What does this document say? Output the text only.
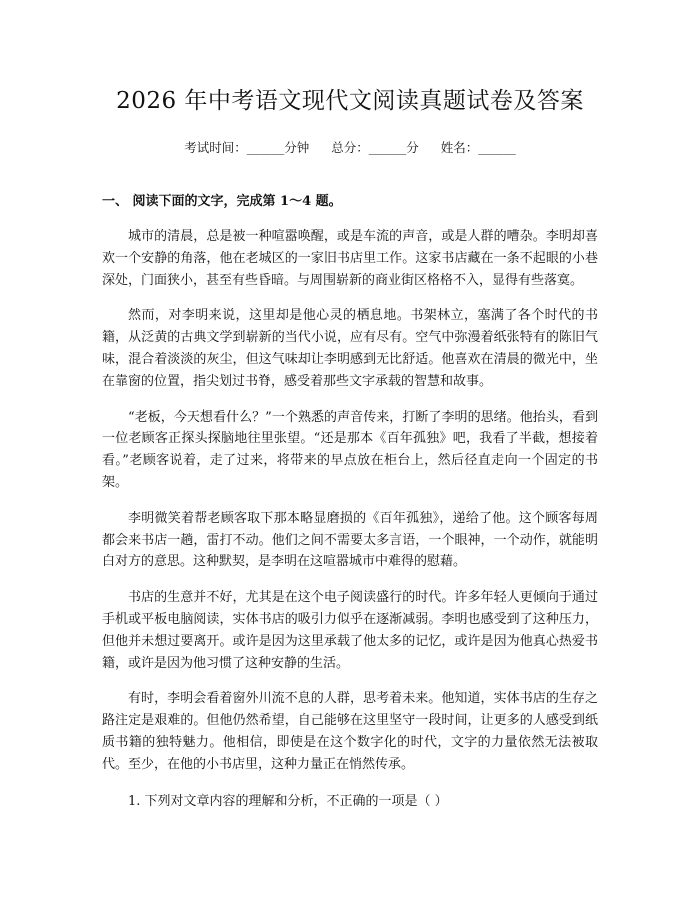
2026 年中考语文现代文阅读真题试卷及答案
考试时间：______分钟 总分：______分 姓名：______
一、 阅读下面的文字，完成第 1～4 题。

城市的清晨，总是被一种喧嚣唤醒，或是车流的声音，或是人群的嘈杂。李明却喜欢一个安静的角落，他在老城区的一家旧书店里工作。这家书店藏在一条不起眼的小巷深处，门面狭小，甚至有些昏暗。与周围崭新的商业街区格格不入，显得有些落寞。

然而，对李明来说，这里却是他心灵的栖息地。书架林立，塞满了各个时代的书籍，从泛黄的古典文学到崭新的当代小说，应有尽有。空气中弥漫着纸张特有的陈旧气味，混合着淡淡的灰尘，但这气味却让李明感到无比舒适。他喜欢在清晨的微光中，坐在靠窗的位置，指尖划过书脊，感受着那些文字承载的智慧和故事。

“老板，今天想看什么？”一个熟悉的声音传来，打断了李明的思绪。他抬头，看到一位老顾客正探头探脑地往里张望。“还是那本《百年孤独》吧，我看了半截，想接着看。”老顾客说着，走了过来，将带来的早点放在柜台上，然后径直走向一个固定的书架。

李明微笑着帮老顾客取下那本略显磨损的《百年孤独》，递给了他。这个顾客每周都会来书店一趟，雷打不动。他们之间不需要太多言语，一个眼神，一个动作，就能明白对方的意思。这种默契，是李明在这喧嚣城市中难得的慰藉。

书店的生意并不好，尤其是在这个电子阅读盛行的时代。许多年轻人更倾向于通过手机或平板电脑阅读，实体书店的吸引力似乎在逐渐减弱。李明也感受到了这种压力，但他并未想过要离开。或许是因为这里承载了他太多的记忆，或许是因为他真心热爱书籍，或许是因为他习惯了这种安静的生活。

有时，李明会看着窗外川流不息的人群，思考着未来。他知道，实体书店的生存之路注定是艰难的。但他仍然希望，自己能够在这里坚守一段时间，让更多的人感受到纸质书籍的独特魅力。他相信，即使是在这个数字化的时代，文字的力量依然无法被取代。至少，在他的小书店里，这种力量正在悄然传承。

1. 下列对文章内容的理解和分析，不正确的一项是（ ）
